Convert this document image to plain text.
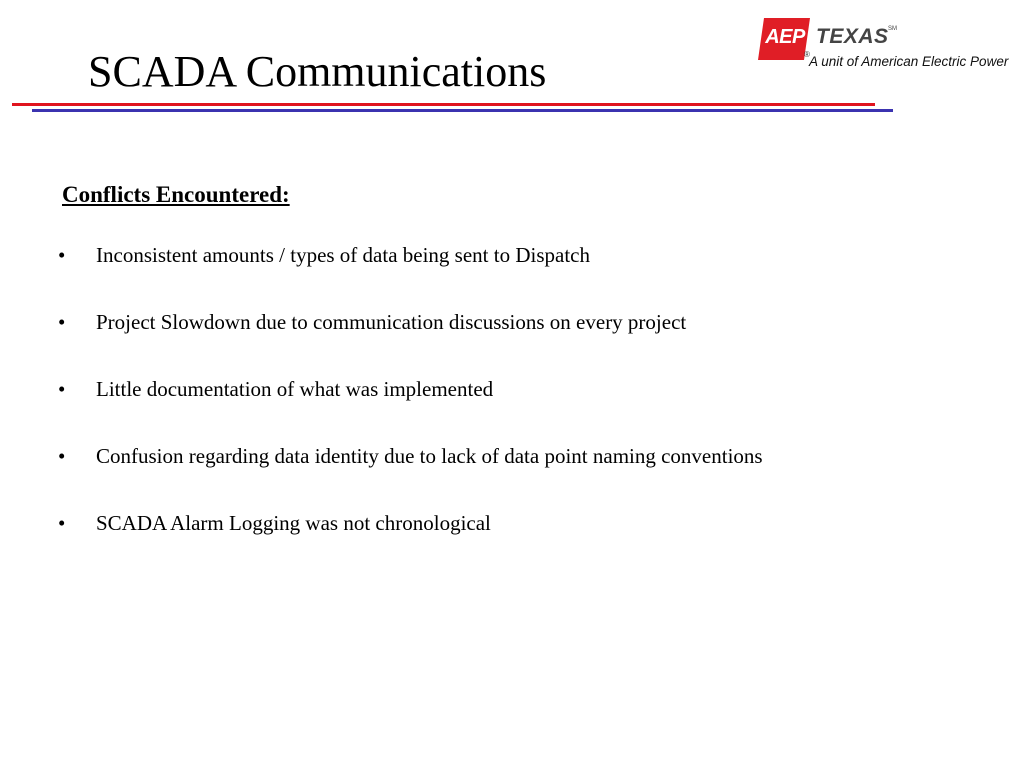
SCADA Communications
AEP
®
TEXAS SM
A unit of American Electric Power
Conflicts Encountered:
•	Inconsistent amounts / types of data being sent to Dispatch
•	Project Slowdown due to communication discussions on every project
•	Little documentation of what was implemented
•	Confusion regarding data identity due to lack of data point naming conventions
•	SCADA Alarm Logging was not chronological
